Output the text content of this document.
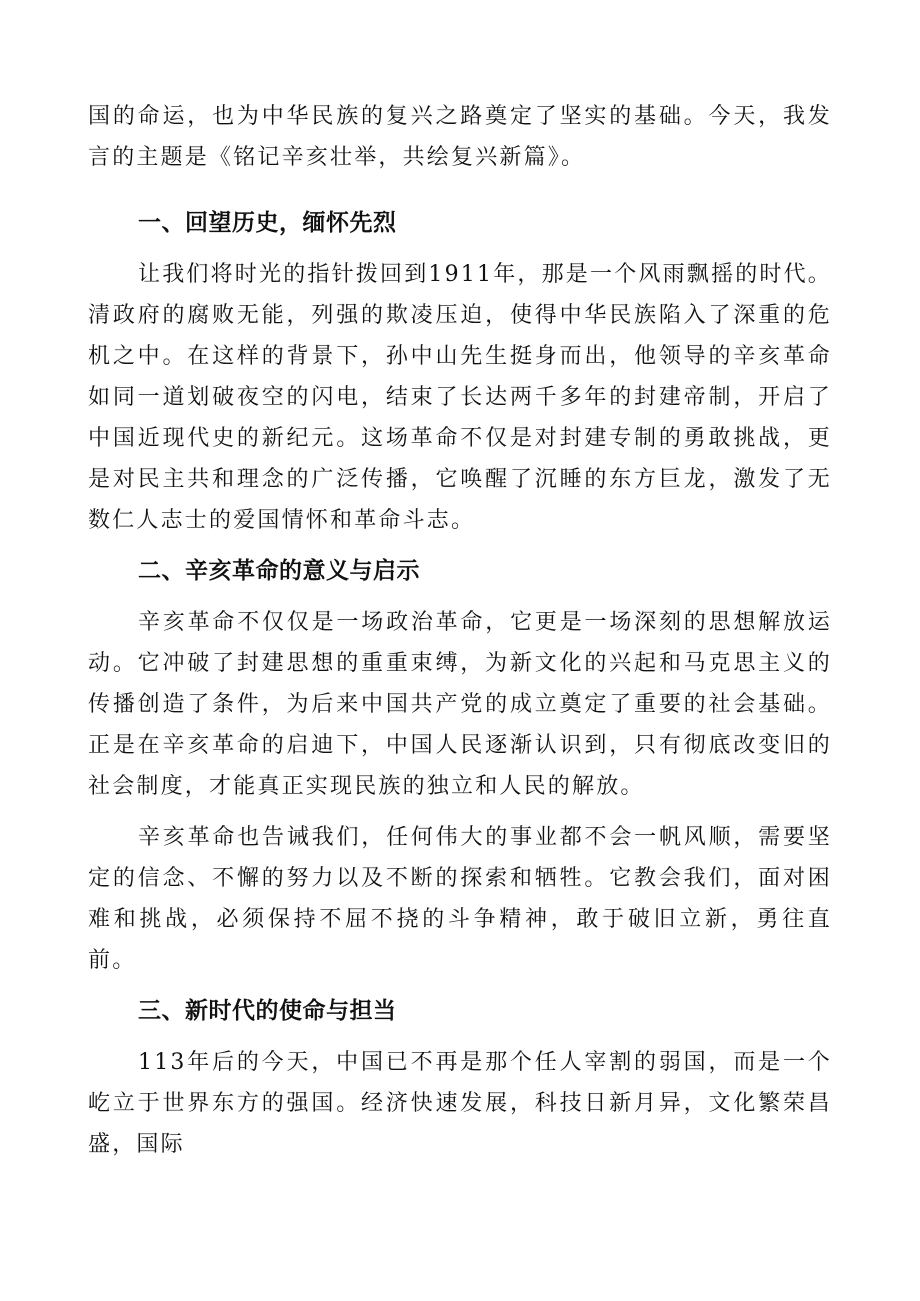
国的命运，也为中华民族的复兴之路奠定了坚实的基础。今天，我发言的主题是《铭记辛亥壮举，共绘复兴新篇》。

一、回望历史，缅怀先烈

让我们将时光的指针拨回到1911年，那是一个风雨飘摇的时代。清政府的腐败无能，列强的欺凌压迫，使得中华民族陷入了深重的危机之中。在这样的背景下，孙中山先生挺身而出，他领导的辛亥革命如同一道划破夜空的闪电，结束了长达两千多年的封建帝制，开启了中国近现代史的新纪元。这场革命不仅是对封建专制的勇敢挑战，更是对民主共和理念的广泛传播，它唤醒了沉睡的东方巨龙，激发了无数仁人志士的爱国情怀和革命斗志。

二、辛亥革命的意义与启示

辛亥革命不仅仅是一场政治革命，它更是一场深刻的思想解放运动。它冲破了封建思想的重重束缚，为新文化的兴起和马克思主义的传播创造了条件，为后来中国共产党的成立奠定了重要的社会基础。正是在辛亥革命的启迪下，中国人民逐渐认识到，只有彻底改变旧的社会制度，才能真正实现民族的独立和人民的解放。

辛亥革命也告诫我们，任何伟大的事业都不会一帆风顺，需要坚定的信念、不懈的努力以及不断的探索和牺牲。它教会我们，面对困难和挑战，必须保持不屈不挠的斗争精神，敢于破旧立新，勇往直前。

三、新时代的使命与担当

113年后的今天，中国已不再是那个任人宰割的弱国，而是一个屹立于世界东方的强国。经济快速发展，科技日新月异，文化繁荣昌盛，国际
